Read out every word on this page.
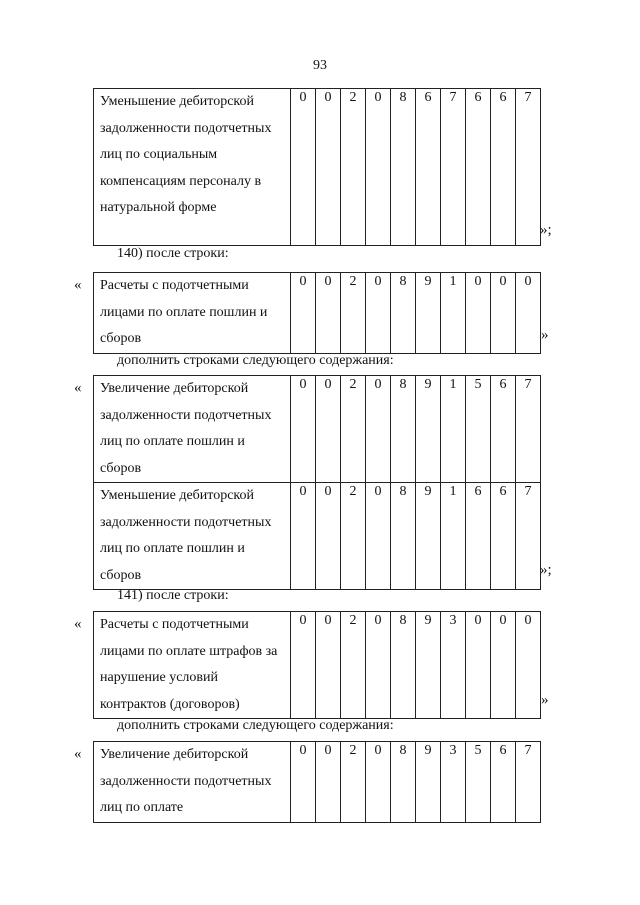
93
Уменьшение дебиторской задолженности подотчетных лиц по социальным компенсациям персоналу в натуральной форме	0	0	2	0	8	6	7	6	6	7
»;
140) после строки:
« Расчеты с подотчетными лицами по оплате пошлин и сборов	0	0	2	0	8	9	1	0	0	0
»
дополнить строками следующего содержания:
« Увеличение дебиторской задолженности подотчетных лиц по оплате пошлин и сборов	0	0	2	0	8	9	1	5	6	7
Уменьшение дебиторской задолженности подотчетных лиц по оплате пошлин и сборов	0	0	2	0	8	9	1	6	6	7
»;
141) после строки:
« Расчеты с подотчетными лицами по оплате штрафов за нарушение условий контрактов (договоров)	0	0	2	0	8	9	3	0	0	0
»
дополнить строками следующего содержания:
« Увеличение дебиторской задолженности подотчетных лиц по оплате	0	0	2	0	8	9	3	5	6	7
